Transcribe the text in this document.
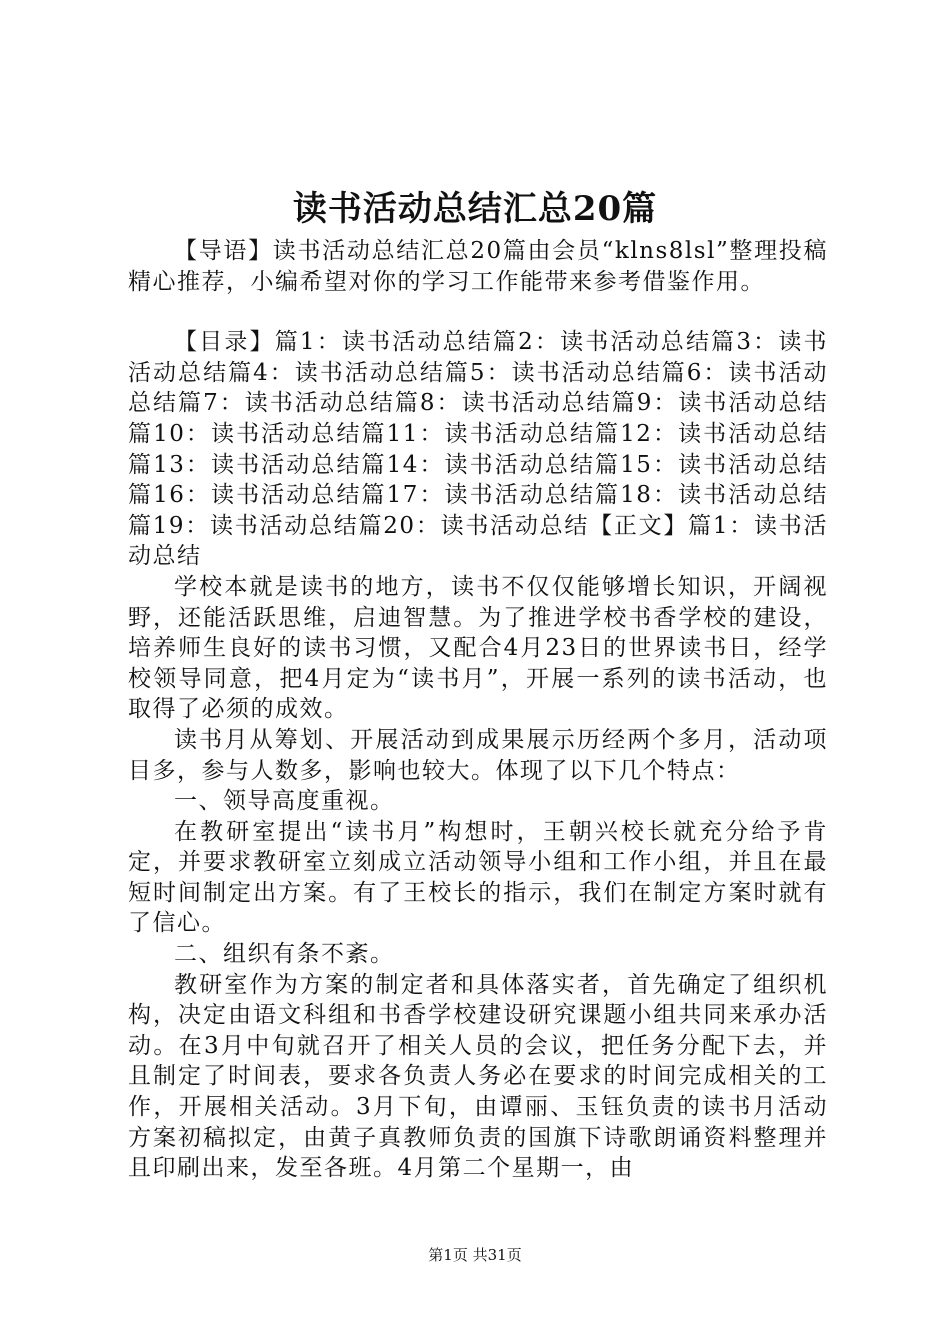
读书活动总结汇总20篇

【导语】读书活动总结汇总20篇由会员“klns8lsl”整理投稿精心推荐，小编希望对你的学习工作能带来参考借鉴作用。

【目录】篇1：读书活动总结篇2：读书活动总结篇3：读书活动总结篇4：读书活动总结篇5：读书活动总结篇6：读书活动总结篇7：读书活动总结篇8：读书活动总结篇9：读书活动总结篇10：读书活动总结篇11：读书活动总结篇12：读书活动总结篇13：读书活动总结篇14：读书活动总结篇15：读书活动总结篇16：读书活动总结篇17：读书活动总结篇18：读书活动总结篇19：读书活动总结篇20：读书活动总结【正文】篇1：读书活动总结

学校本就是读书的地方，读书不仅仅能够增长知识，开阔视野，还能活跃思维，启迪智慧。为了推进学校书香学校的建设，培养师生良好的读书习惯，又配合4月23日的世界读书日，经学校领导同意，把4月定为“读书月”，开展一系列的读书活动，也取得了必须的成效。

读书月从筹划、开展活动到成果展示历经两个多月，活动项目多，参与人数多，影响也较大。体现了以下几个特点：

一、领导高度重视。

在教研室提出“读书月”构想时，王朝兴校长就充分给予肯定，并要求教研室立刻成立活动领导小组和工作小组，并且在最短时间制定出方案。有了王校长的指示，我们在制定方案时就有了信心。

二、组织有条不紊。

教研室作为方案的制定者和具体落实者，首先确定了组织机构，决定由语文科组和书香学校建设研究课题小组共同来承办活动。在3月中旬就召开了相关人员的会议，把任务分配下去，并且制定了时间表，要求各负责人务必在要求的时间完成相关的工作，开展相关活动。3月下旬，由谭丽、玉钰负责的读书月活动方案初稿拟定，由黄子真教师负责的国旗下诗歌朗诵资料整理并且印刷出来，发至各班。4月第二个星期一，由

第1页 共31页
